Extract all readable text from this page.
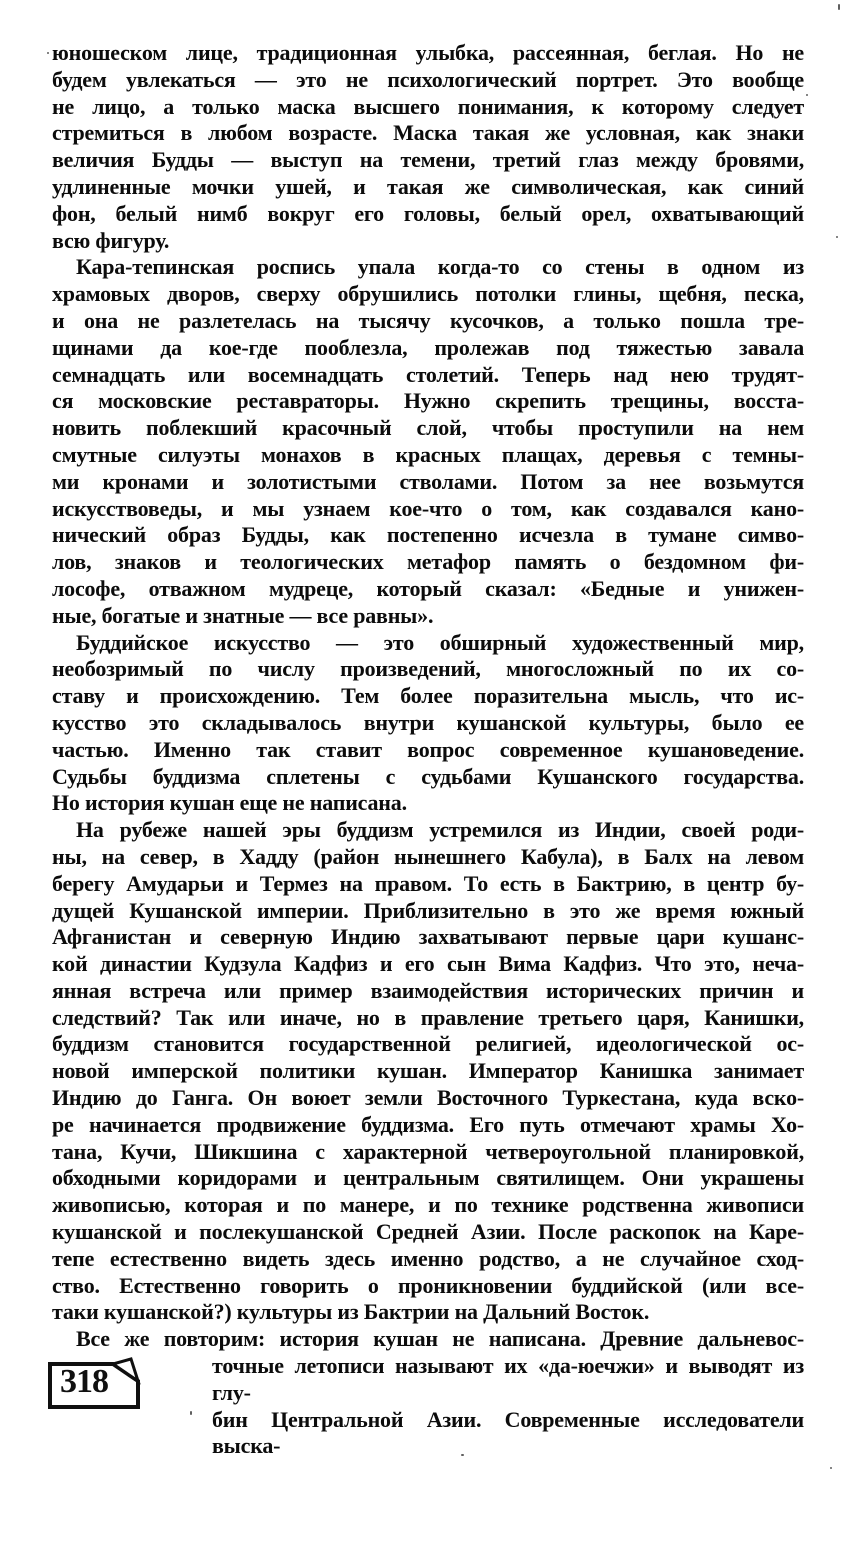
юношеском лице, традиционная улыбка, рассеянная, беглая. Но не
будем увлекаться — это не психологический портрет. Это вообще
не лицо, а только маска высшего понимания, к которому следует
стремиться в любом возрасте. Маска такая же условная, как знаки
величия Будды — выступ на темени, третий глаз между бровями,
удлиненные мочки ушей, и такая же символическая, как синий
фон, белый нимб вокруг его головы, белый орел, охватывающий
всю фигуру.
Кара-тепинская роспись упала когда-то со стены в одном из
храмовых дворов, сверху обрушились потолки глины, щебня, песка,
и она не разлетелась на тысячу кусочков, а только пошла тре-
щинами да кое-где пооблезла, пролежав под тяжестью завала
семнадцать или восемнадцать столетий. Теперь над нею трудят-
ся московские реставраторы. Нужно скрепить трещины, восста-
новить поблекший красочный слой, чтобы проступили на нем
смутные силуэты монахов в красных плащах, деревья с темны-
ми кронами и золотистыми стволами. Потом за нее возьмутся
искусствоведы, и мы узнаем кое-что о том, как создавался кано-
нический образ Будды, как постепенно исчезла в тумане симво-
лов, знаков и теологических метафор память о бездомном фи-
лософе, отважном мудреце, который сказал: «Бедные и унижен-
ные, богатые и знатные — все равны».
Буддийское искусство — это обширный художественный мир,
необозримый по числу произведений, многосложный по их со-
ставу и происхождению. Тем более поразительна мысль, что ис-
кусство это складывалось внутри кушанской культуры, было ее
частью. Именно так ставит вопрос современное кушановедение.
Судьбы буддизма сплетены с судьбами Кушанского государства.
Но история кушан еще не написана.
На рубеже нашей эры буддизм устремился из Индии, своей роди-
ны, на север, в Хадду (район нынешнего Кабула), в Балх на левом
берегу Амударьи и Термез на правом. То есть в Бактрию, в центр бу-
дущей Кушанской империи. Приблизительно в это же время южный
Афганистан и северную Индию захватывают первые цари кушанс-
кой династии Кудзула Кадфиз и его сын Вима Кадфиз. Что это, неча-
янная встреча или пример взаимодействия исторических причин и
следствий? Так или иначе, но в правление третьего царя, Канишки,
буддизм становится государственной религией, идеологической ос-
новой имперской политики кушан. Император Канишка занимает
Индию до Ганга. Он воюет земли Восточного Туркестана, куда вско-
ре начинается продвижение буддизма. Его путь отмечают храмы Хо-
тана, Кучи, Шикшина с характерной четвероугольной планировкой,
обходными коридорами и центральным святилищем. Они украшены
живописью, которая и по манере, и по технике родственна живописи
кушанской и послекушанской Средней Азии. После раскопок на Каре-
тепе естественно видеть здесь именно родство, а не случайное сход-
ство. Естественно говорить о проникновении буддийской (или все-
таки кушанской?) культуры из Бактрии на Дальний Восток.
Все же повторим: история кушан не написана. Древние дальневос-
точные летописи называют их «да-юечжи» и выводят из глу-
бин Центральной Азии. Современные исследователи выска-
318
